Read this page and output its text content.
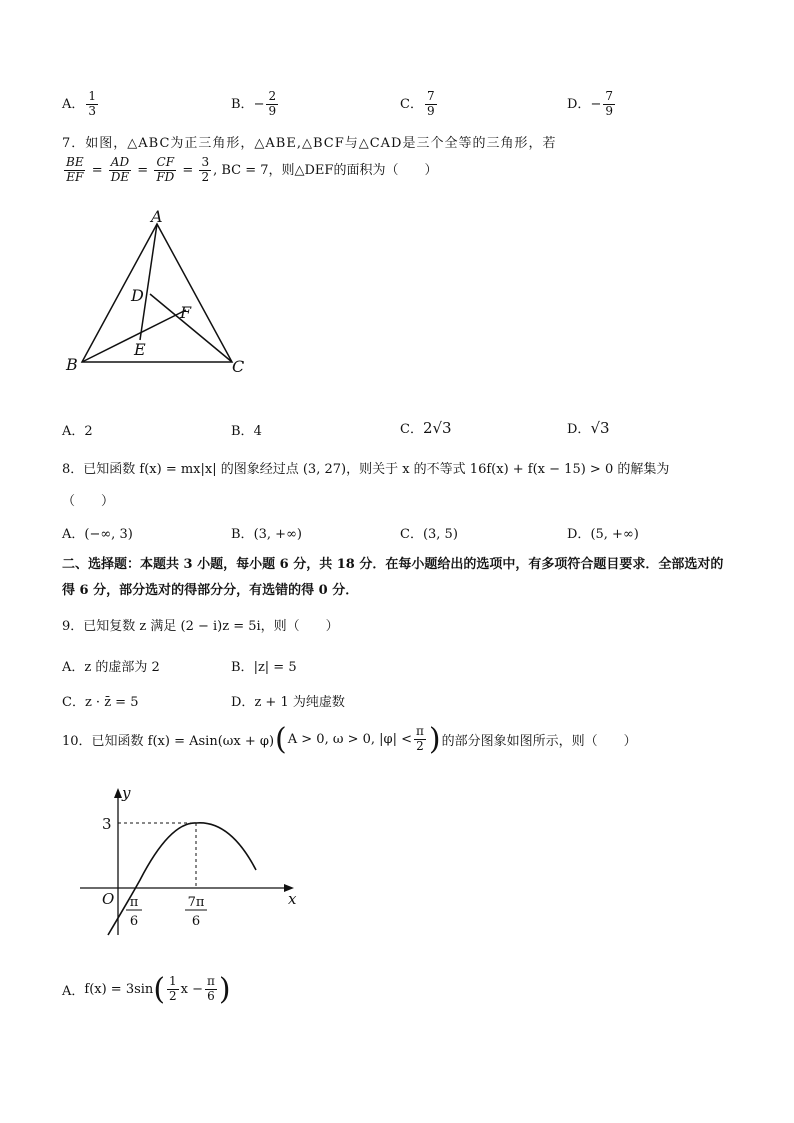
A． $\frac{1}{3}$	B．− $\frac{2}{9}$	C． $\frac{7}{9}$	D．− $\frac{7}{9}$
7．如图，△ABC为正三角形，△ABE,△BCF与△CAD是三个全等的三角形，若
$\frac{BE}{EF} = \frac{AD}{DE} = \frac{CF}{FD} = \frac{3}{2}$ , BC = 7，则△DEF的面积为（　　）
A
B	C
D
E
F
A．2	B．4	C．2√3	D．√3
8．已知函数 f(x) = mx|x| 的图象经过点 (3, 27)，则关于 x 的不等式 16f(x) + f(x − 15) > 0 的解集为
（　　）
A．(−∞, 3)	B．(3, +∞)	C．(3, 5)	D．(5, +∞)
二、选择题：本题共 3 小题，每小题 6 分，共 18 分．在每小题给出的选项中，有多项符合题目要求．全部选对的得 6 分，部分选对的得部分分，有选错的得 0 分．
9．已知复数 z 满足 (2 − i)z = 5i，则（　　）
A．z 的虚部为 2	B．|z| = 5
C．z · z̄ = 5	D．z + 1 为纯虚数
10．已知函数 f(x) = Asin(ωx + φ) ( A > 0, ω > 0, $|\varphi| < \frac{\pi}{2}$ ) 的部分图象如图所示，则（　　）
y
x
O
3
π
6
7π
6
A． f(x) = 3sin ( $\frac{1}{2}$ $x - \frac{\pi}{6}$ )
